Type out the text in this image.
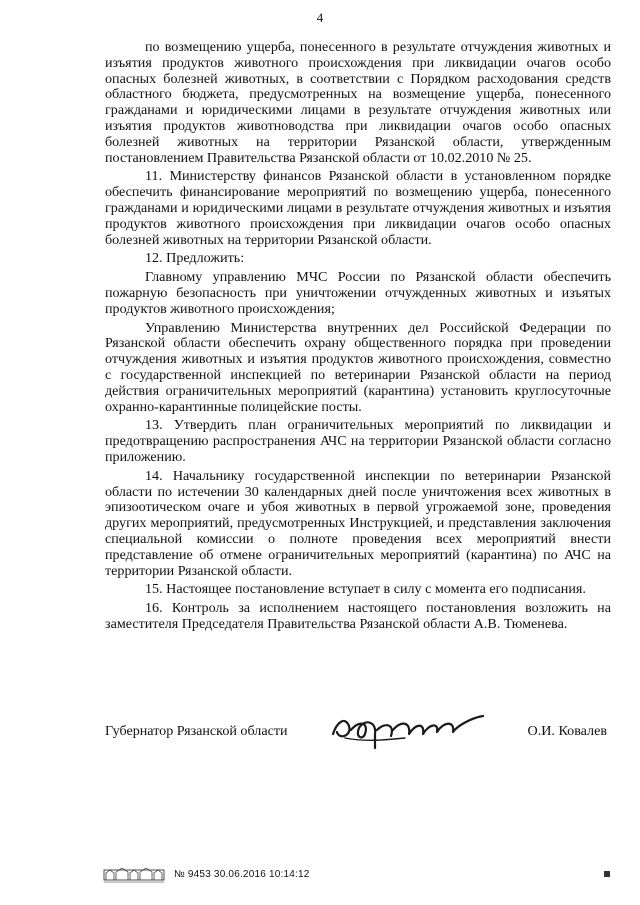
4

по возмещению ущерба, понесенного в результате отчуждения животных и изъятия продуктов животного происхождения при ликвидации очагов особо опасных болезней животных, в соответствии с Порядком расходования средств областного бюджета, предусмотренных на возмещение ущерба, понесенного гражданами и юридическими лицами в результате отчуждения животных или изъятия продуктов животноводства при ликвидации очагов особо опасных болезней животных на территории Рязанской области, утвержденным постановлением Правительства Рязанской области от 10.02.2010 № 25.

11. Министерству финансов Рязанской области в установленном порядке обеспечить финансирование мероприятий по возмещению ущерба, понесенного гражданами и юридическими лицами в результате отчуждения животных и изъятия продуктов животного происхождения при ликвидации очагов особо опасных болезней животных на территории Рязанской области.

12. Предложить:

Главному управлению МЧС России по Рязанской области обеспечить пожарную безопасность при уничтожении отчужденных животных и изъятых продуктов животного происхождения;

Управлению Министерства внутренних дел Российской Федерации по Рязанской области обеспечить охрану общественного порядка при проведении отчуждения животных и изъятия продуктов животного происхождения, совместно с государственной инспекцией по ветеринарии Рязанской области на период действия ограничительных мероприятий (карантина) установить круглосуточные охранно-карантинные полицейские посты.

13. Утвердить план ограничительных мероприятий по ликвидации и предотвращению распространения АЧС на территории Рязанской области согласно приложению.

14. Начальнику государственной инспекции по ветеринарии Рязанской области по истечении 30 календарных дней после уничтожения всех животных в эпизоотическом очаге и убоя животных в первой угрожаемой зоне, проведения других мероприятий, предусмотренных Инструкцией, и представления заключения специальной комиссии о полноте проведения всех мероприятий внести представление об отмене ограничительных мероприятий (карантина) по АЧС на территории Рязанской области.

15. Настоящее постановление вступает в силу с момента его подписания.

16. Контроль за исполнением настоящего постановления возложить на заместителя Председателя Правительства Рязанской области А.В. Тюменева.

Губернатор Рязанской области	О.И. Ковалев
№ 9453 30.06.2016 10:14:12
